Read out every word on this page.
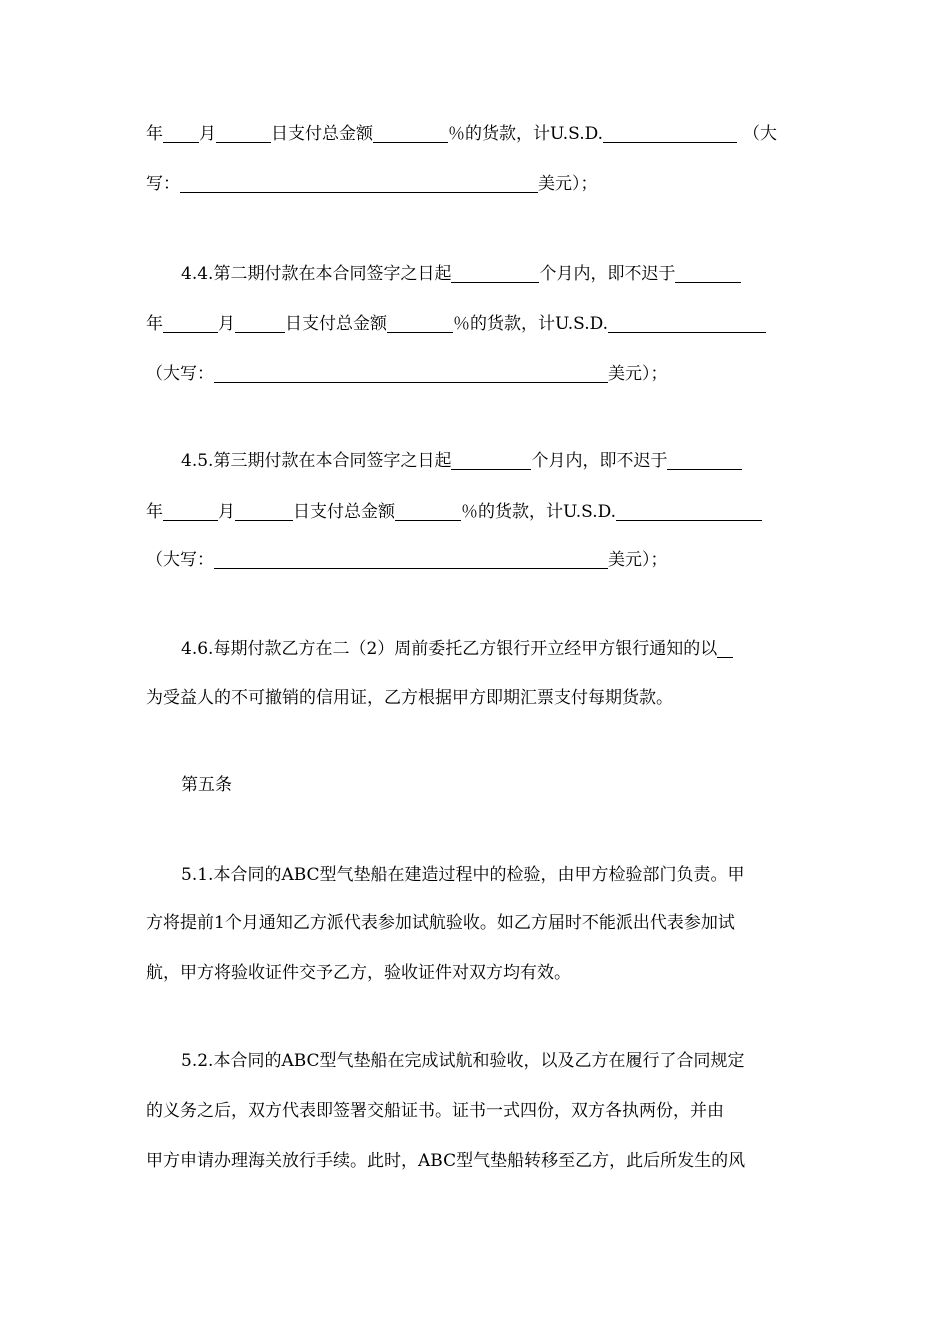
年 月	日支付总金额	％的货款，计U.S.D.	（大
写：	美元）；
4.4.第二期付款在本合同签字之日起	个月内，即不迟于
年	月	日支付总金额	％的货款，计U.S.D.
（大写：	美元）；
4.5.第三期付款在本合同签字之日起	个月内，即不迟于
年	月	日支付总金额	％的货款，计U.S.D.
（大写：	美元）；
4.6.每期付款乙方在二（2）周前委托乙方银行开立经甲方银行通知的以
为受益人的不可撤销的信用证，乙方根据甲方即期汇票支付每期货款。
第五条
5.1.本合同的ABC型气垫船在建造过程中的检验，由甲方检验部门负责。甲
方将提前1个月通知乙方派代表参加试航验收。如乙方届时不能派出代表参加试
航，甲方将验收证件交予乙方，验收证件对双方均有效。
5.2.本合同的ABC型气垫船在完成试航和验收，以及乙方在履行了合同规定
的义务之后，双方代表即签署交船证书。证书一式四份，双方各执两份，并由
甲方申请办理海关放行手续。此时，ABC型气垫船转移至乙方，此后所发生的风
